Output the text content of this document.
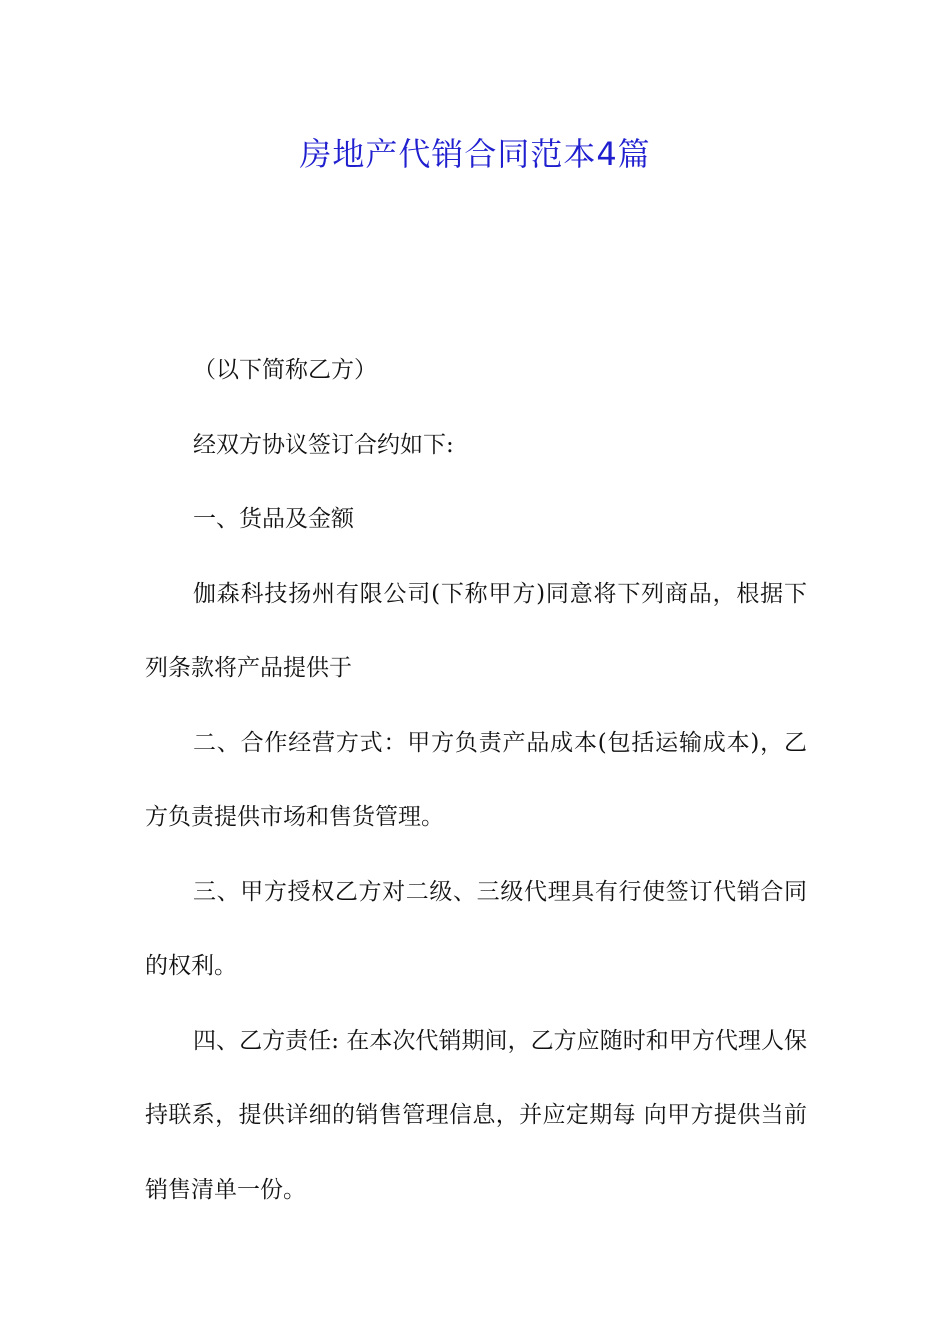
房地产代销合同范本4篇

（以下简称乙方）

经双方协议签订合约如下:

一、货品及金额

伽森科技扬州有限公司(下称甲方)同意将下列商品，根据下列条款将产品提供于

二、合作经营方式：甲方负责产品成本(包括运输成本)，乙方负责提供市场和售货管理。

三、甲方授权乙方对二级、三级代理具有行使签订代销合同的权利。

四、乙方责任: 在本次代销期间，乙方应随时和甲方代理人保持联系，提供详细的销售管理信息，并应定期每 向甲方提供当前销售清单一份。
